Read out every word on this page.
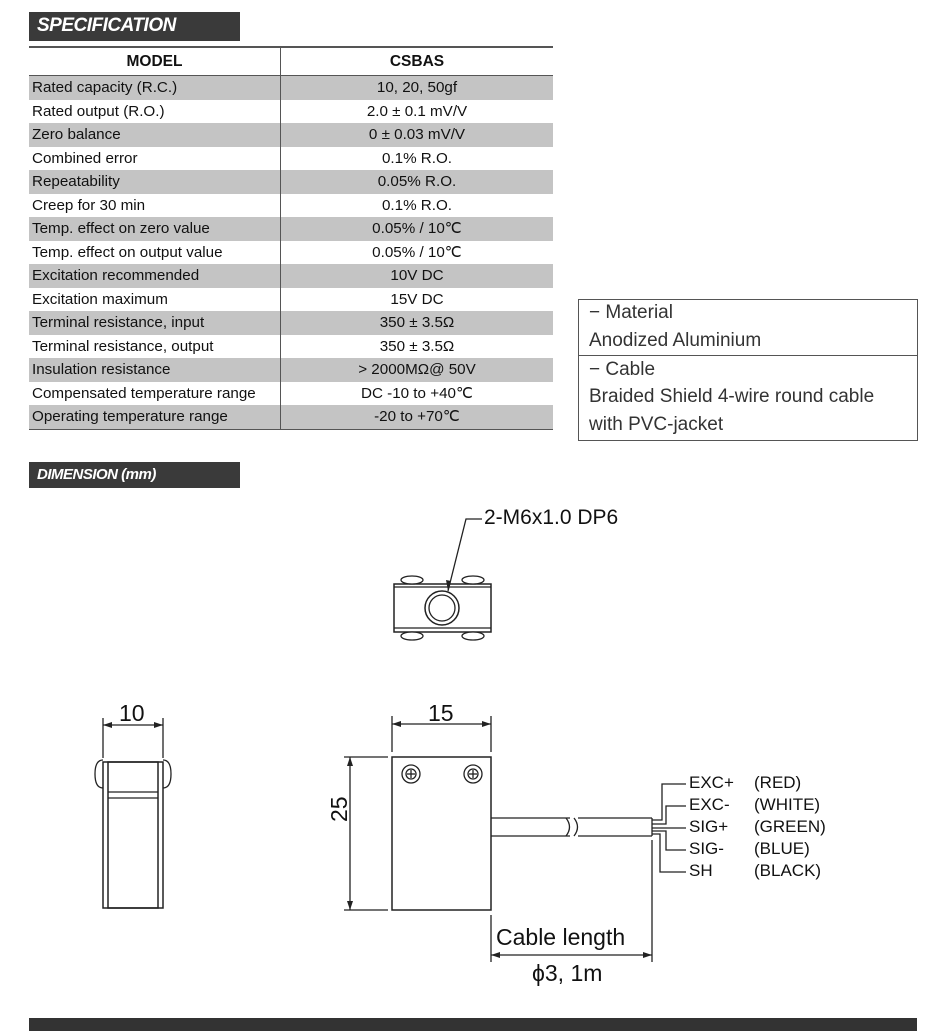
SPECIFICATION
MODEL	CSBAS
Rated capacity (R.C.)	10, 20, 50gf
Rated output (R.O.)	2.0 ± 0.1 mV/V
Zero balance	0 ± 0.03 mV/V
Combined error	0.1% R.O.
Repeatability	0.05% R.O.
Creep for 30 min	0.1% R.O.
Temp. effect on zero value	0.05% / 10℃
Temp. effect on output value	0.05% / 10℃
Excitation recommended	10V DC
Excitation maximum	15V DC
Terminal resistance, input	350 ± 3.5Ω
Terminal resistance, output	350 ± 3.5Ω
Insulation resistance	> 2000MΩ@ 50V
Compensated temperature range	DC -10 to +40℃
Operating temperature range	-20 to +70℃
− Material
Anodized Aluminium
− Cable
Braided Shield 4-wire round cable
with PVC-jacket
DIMENSION (mm)
2-M6x1.0 DP6
10	15
25
Cable length
ϕ3, 1m
EXC+ (RED)
EXC- (WHITE)
SIG+ (GREEN)
SIG- (BLUE)
SH (BLACK)
